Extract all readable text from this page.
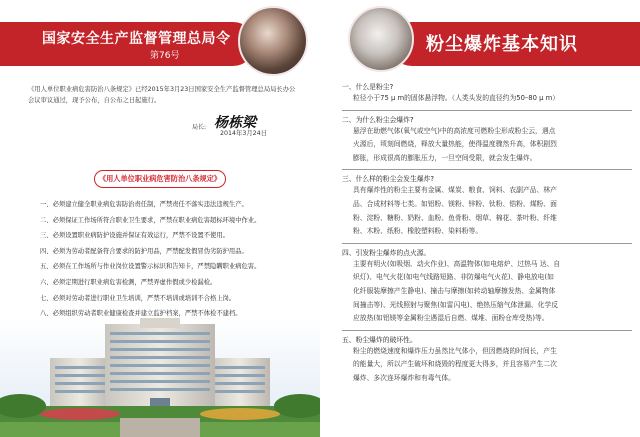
国家安全生产监督管理总局令
第76号
《用人单位职业病危害防治八条规定》已经2015年3月23日国家安全生产监督管理总局局长办公会议审议通过，现予公布，自公布之日起施行。
局长: 杨栋梁
2014年3月24日
《用人单位职业病危害防治八条规定》
一、必须建立健全职业病危害防治责任制，严禁责任不落实违法违规生产。
二、必须保证工作场所符合职业卫生要求，严禁在职业病危害超标环境中作业。
三、必须设置职业病防护设施并保证有效运行，严禁不设置不使用。
四、必须为劳动者配备符合要求的防护用品，严禁配发假冒伪劣防护用品。
五、必须在工作场所与作业岗位设置警示标识和告知卡，严禁隐瞒职业病危害。
六、必须定期进行职业病危害检测，严禁弄虚作假或少检漏检。
七、必须对劳动者进行职业卫生培训，严禁不培训或培训不合格上岗。
八、必须组织劳动者职业健康检查并建立监护档案，严禁不体检不建档。
粉尘爆炸基本知识
一、什么是粉尘?
粒径小于75 μ m的固体悬浮物。（人类头发的直径约为50–80 μ m）
二、为什么粉尘会爆炸?
悬浮在助燃气体(氧气或空气)中的高浓度可燃粉尘形成粉尘云，遇点
火源后，顷刻间燃烧，释放大量热能，使得温度骤然升高，体积剧烈
膨胀，形成很高的膨胀压力，一旦空间受限，就会发生爆炸。
三、什么样的粉尘会发生爆炸?
具有爆炸性的粉尘主要有金属、煤炭、粮食、饲料、农副产品、林产
品、合成材料等七类。如铝粉、镁粉、锌粉、钛粉、锆粉、煤粉、面
粉、淀粉、糖粉、奶粉、血粉、鱼骨粉、烟草、棉花、茶叶粉、纤维
粉、木粉、纸粉、橡胶塑料粉、染料粉等。
四、引发粉尘爆炸的点火源。
主要有明火(如吸烟、动火作业)、高温物体(如电熔炉、过热马 达、自
炽灯)、电气火花(如电气线路短路、非防爆电气火花)、静电放电(如
化纤服装摩擦产生静电)、撞击与摩擦(如转动轴摩擦发热、金属物体
间撞击等)、光线照射与聚焦(如雷闪电)、绝热压缩气体泄漏、化学反
应放热(如铝镁等金属粉尘遇湿后自燃、煤堆、面粉仓库受热)等。
五、粉尘爆炸的破坏性。
粉尘的燃烧速度和爆炸压力虽然比气体小，但因燃烧的时间长，产生
的能量大，所以产生破坏和烧毁的程度更大得多，并且容易产生二次
爆炸、多次连环爆炸和有毒气体。
